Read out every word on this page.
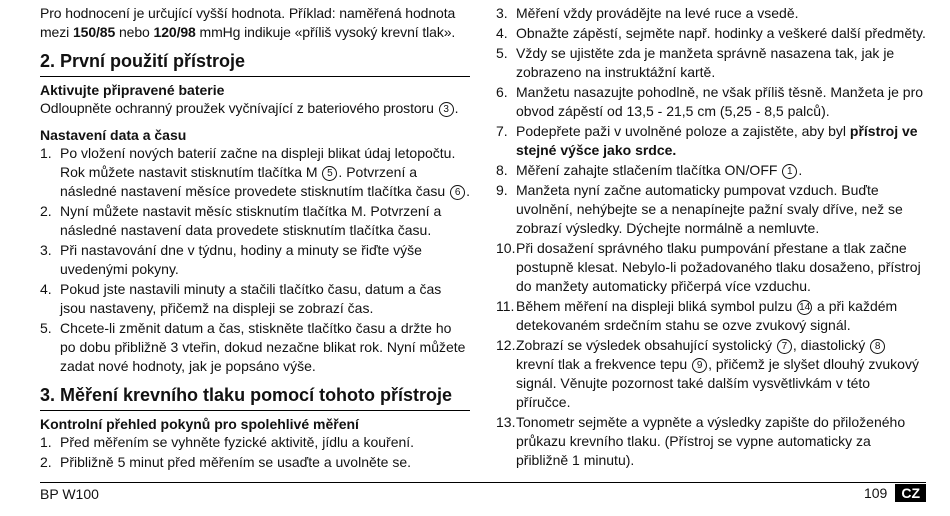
Pro hodnocení je určující vyšší hodnota. Příklad: naměřená hodnota mezi 150/85 nebo 120/98 mmHg indikuje «příliš vysoký krevní tlak».

2. První použití přístroje
Aktivujte připravené baterie

Odloupněte ochranný proužek vyčnívající z bateriového prostoru 3 .

Nastavení data a času
1. Po vložení nových baterií začne na displeji blikat údaj letopočtu. Rok můžete nastavit stisknutím tlačítka M 5 . Potvrzení a následné nastavení měsíce provedete stisknutím tlačítka času 6 .
2. Nyní můžete nastavit měsíc stisknutím tlačítka M. Potvrzení a následné nastavení data provedete stisknutím tlačítka času.
3. Při nastavování dne v týdnu, hodiny a minuty se řiďte výše uvedenými pokyny.
4. Pokud jste nastavili minuty a stačili tlačítko času, datum a čas jsou nastaveny, přičemž na displeji se zobrazí čas.
5. Chcete-li změnit datum a čas, stiskněte tlačítko času a držte ho po dobu přibližně 3 vteřin, dokud nezačne blikat rok. Nyní můžete zadat nové hodnoty, jak je popsáno výše.
3. Měření krevního tlaku pomocí tohoto přístroje
Kontrolní přehled pokynů pro spolehlivé měření
1. Před měřením se vyhněte fyzické aktivitě, jídlu a kouření.
2. Přibližně 5 minut před měřením se usaďte a uvolněte se.
3. Měření vždy provádějte na levé ruce a vsedě.
4. Obnažte zápěstí, sejměte např. hodinky a veškeré další předměty.
5. Vždy se ujistěte zda je manžeta správně nasazena tak, jak je zobrazeno na instruktážní kartě.
6. Manžetu nasazujte pohodlně, ne však příliš těsně. Manžeta je pro obvod zápěstí od 13,5 - 21,5 cm (5,25 - 8,5 palců).
7. Podepřete paži v uvolněné poloze a zajistěte, aby byl přístroj ve stejné výšce jako srdce.
8. Měření zahajte stlačením tlačítka ON/OFF 1 .
9. Manžeta nyní začne automaticky pumpovat vzduch. Buďte uvolnění, nehýbejte se a nenapínejte pažní svaly dříve, než se zobrazí výsledky. Dýchejte normálně a nemluvte.
10. Při dosažení správného tlaku pumpování přestane a tlak začne postupně klesat. Nebylo-li požadovaného tlaku dosaženo, přístroj do manžety automaticky přičerpá více vzduchu.
11. Během měření na displeji bliká symbol pulzu 14 a při každém detekovaném srdečním stahu se ozve zvukový signál.
12. Zobrazí se výsledek obsahující systolický 7 , diastolický 8 krevní tlak a frekvence tepu 9 , přičemž je slyšet dlouhý zvukový signál. Věnujte pozornost také dalším vysvětlivkám v této příručce.
13. Tonometr sejměte a vypněte a výsledky zapište do přiloženého průkazu krevního tlaku. (Přístroj se vypne automaticky za přibližně 1 minutu).
BP W100	109	CZ
